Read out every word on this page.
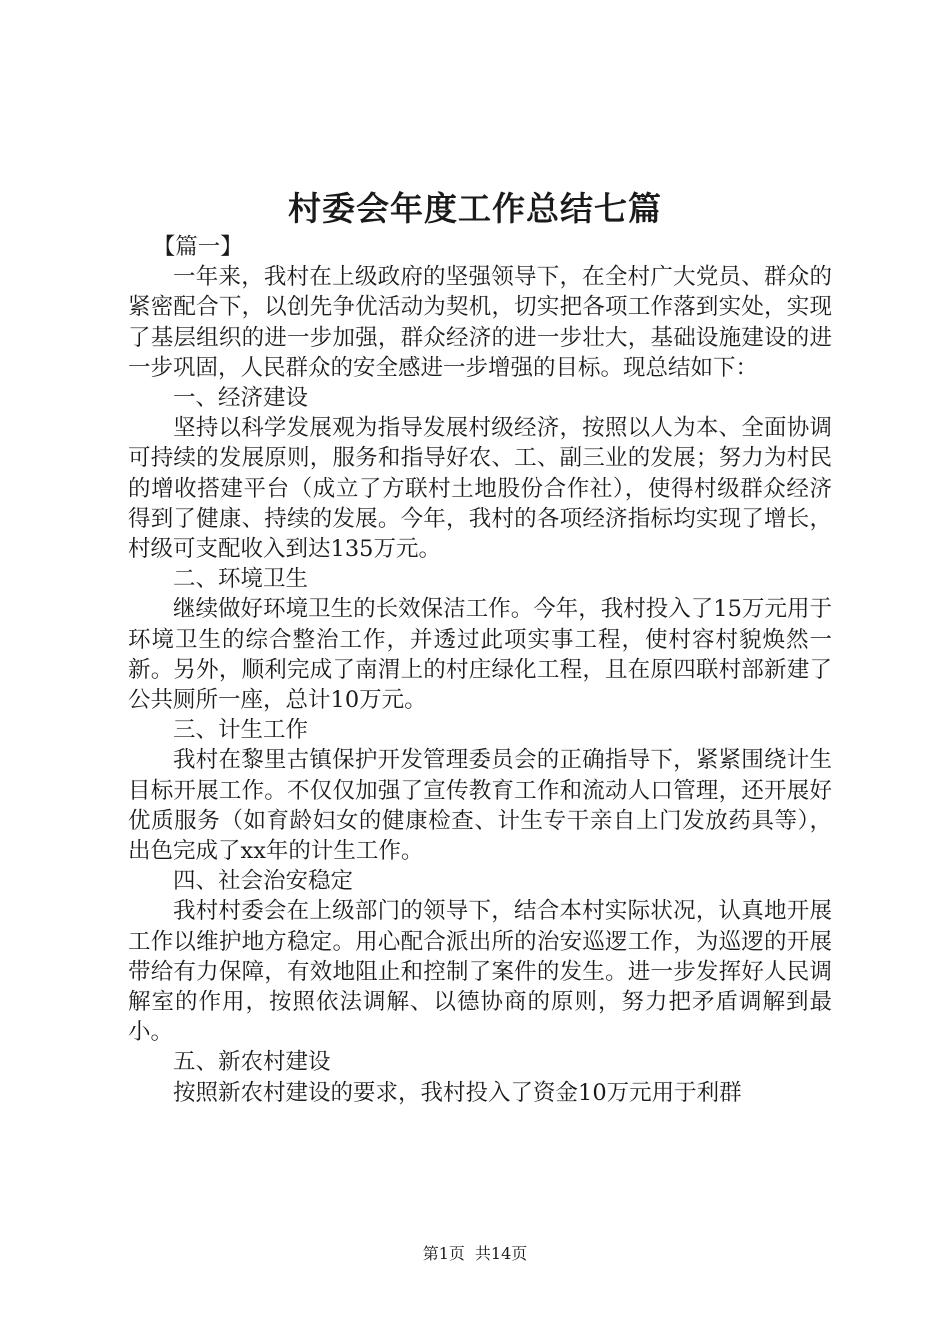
村委会年度工作总结七篇

【篇一】

一年来，我村在上级政府的坚强领导下，在全村广大党员、群众的紧密配合下，以创先争优活动为契机，切实把各项工作落到实处，实现了基层组织的进一步加强，群众经济的进一步壮大，基础设施建设的进一步巩固，人民群众的安全感进一步增强的目标。现总结如下：

一、经济建设

坚持以科学发展观为指导发展村级经济，按照以人为本、全面协调可持续的发展原则，服务和指导好农、工、副三业的发展；努力为村民的增收搭建平台（成立了方联村土地股份合作社），使得村级群众经济得到了健康、持续的发展。今年，我村的各项经济指标均实现了增长，村级可支配收入到达135万元。

二、环境卫生

继续做好环境卫生的长效保洁工作。今年，我村投入了15万元用于环境卫生的综合整治工作，并透过此项实事工程，使村容村貌焕然一新。另外，顺利完成了南渭上的村庄绿化工程，且在原四联村部新建了公共厕所一座，总计10万元。

三、计生工作

我村在黎里古镇保护开发管理委员会的正确指导下，紧紧围绕计生目标开展工作。不仅仅加强了宣传教育工作和流动人口管理，还开展好优质服务（如育龄妇女的健康检查、计生专干亲自上门发放药具等），出色完成了xx年的计生工作。

四、社会治安稳定

我村村委会在上级部门的领导下，结合本村实际状况，认真地开展工作以维护地方稳定。用心配合派出所的治安巡逻工作，为巡逻的开展带给有力保障，有效地阻止和控制了案件的发生。进一步发挥好人民调解室的作用，按照依法调解、以德协商的原则，努力把矛盾调解到最小。

五、新农村建设

按照新农村建设的要求，我村投入了资金10万元用于利群

第1页 共14页
